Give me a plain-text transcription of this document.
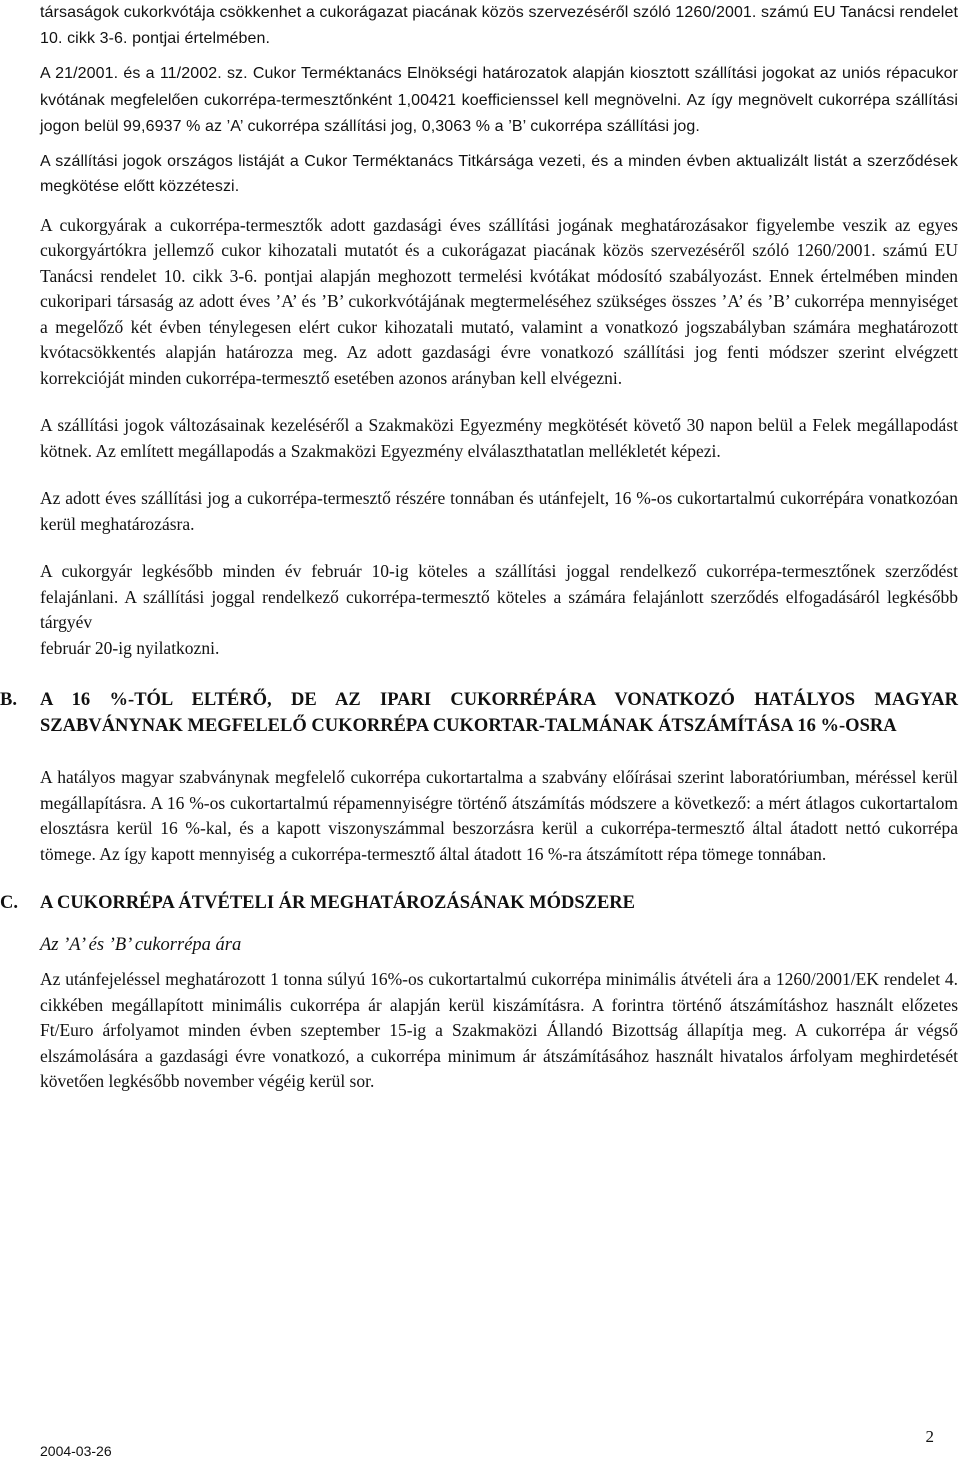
társaságok cukorkvótája csökkenhet a cukorágazat piacának közös szervezéséről szóló 1260/2001. számú EU Tanácsi rendelet 10. cikk 3-6. pontjai értelmében.

A 21/2001. és a 11/2002. sz. Cukor Terméktanács Elnökségi határozatok alapján kiosztott szállítási jogokat az uniós répacukor kvótának megfelelően cukorrépa-termesztőnként 1,00421 koefficienssel kell megnövelni. Az így megnövelt cukorrépa szállítási jogon belül 99,6937 % az ’A’ cukorrépa szállítási jog, 0,3063 % a ’B’ cukorrépa szállítási jog.

A szállítási jogok országos listáját a Cukor Terméktanács Titkársága vezeti, és a minden évben aktualizált listát a szerződések megkötése előtt közzéteszi.

A cukorgyárak a cukorrépa-termesztők adott gazdasági éves szállítási jogának meghatározásakor figyelembe veszik az egyes cukorgyártókra jellemző cukor kihozatali mutatót és a cukorágazat piacának közös szervezéséről szóló 1260/2001. számú EU Tanácsi rendelet 10. cikk 3-6. pontjai alapján meghozott termelési kvótákat módosító szabályozást. Ennek értelmében minden cukoripari társaság az adott éves ’A’ és ’B’ cukorkvótájának megtermeléséhez szükséges összes ’A’ és ’B’ cukorrépa mennyiséget a megelőző két évben ténylegesen elért cukor kihozatali mutató, valamint a vonatkozó jogszabályban számára meghatározott kvótacsökkentés alapján határozza meg. Az adott gazdasági évre vonatkozó szállítási jog fenti módszer szerint elvégzett korrekcióját minden cukorrépa-termesztő esetében azonos arányban kell elvégezni.

A szállítási jogok változásainak kezeléséről a Szakmaközi Egyezmény megkötését követő 30 napon belül a Felek megállapodást kötnek. Az említett megállapodás a Szakmaközi Egyezmény elválaszthatatlan mellékletét képezi.

Az adott éves szállítási jog a cukorrépa-termesztő részére tonnában és utánfejelt, 16 %-os cukortartalmú cukorrépára vonatkozóan kerül meghatározásra.

A cukorgyár legkésőbb minden év február 10-ig köteles a szállítási joggal rendelkező cukorrépa-termesztőnek szerződést felajánlani. A szállítási joggal rendelkező cukorrépa-termesztő köteles a számára felajánlott szerződés elfogadásáról legkésőbb tárgyév

február 20-ig nyilatkozni.

B. A 16 %-TÓL ELTÉRŐ, DE AZ IPARI CUKORRÉPÁRA VONATKOZÓ HATÁLYOS MAGYAR SZABVÁNYNAK MEGFELELŐ CUKORRÉPA CUKORTAR-TALMÁNAK ÁTSZÁMÍTÁSA 16 %-OSRA

A hatályos magyar szabványnak megfelelő cukorrépa cukortartalma a szabvány előírásai szerint laboratóriumban, méréssel kerül megállapításra. A 16 %-os cukortartalmú répamennyiségre történő átszámítás módszere a következő: a mért átlagos cukortartalom elosztásra kerül 16 %-kal, és a kapott viszonyszámmal beszorzásra kerül a cukorrépa-termesztő által átadott nettó cukorrépa tömege. Az így kapott mennyiség a cukorrépa-termesztő által átadott 16 %-ra átszámított répa tömege tonnában.

C. A CUKORRÉPA ÁTVÉTELI ÁR MEGHATÁROZÁSÁNAK MÓDSZERE
Az ’A’ és ’B’ cukorrépa ára

Az utánfejeléssel meghatározott 1 tonna súlyú 16%-os cukortartalmú cukorrépa minimális átvételi ára a 1260/2001/EK rendelet 4. cikkében megállapított minimális cukorrépa ár alapján kerül kiszámításra. A forintra történő átszámításhoz használt előzetes Ft/Euro árfolyamot minden évben szeptember 15-ig a Szakmaközi Állandó Bizottság állapítja meg. A cukorrépa ár végső elszámolására a gazdasági évre vonatkozó, a cukorrépa minimum ár átszámításához használt hivatalos árfolyam meghirdetését követően legkésőbb november végéig kerül sor.

2
2004-03-26
